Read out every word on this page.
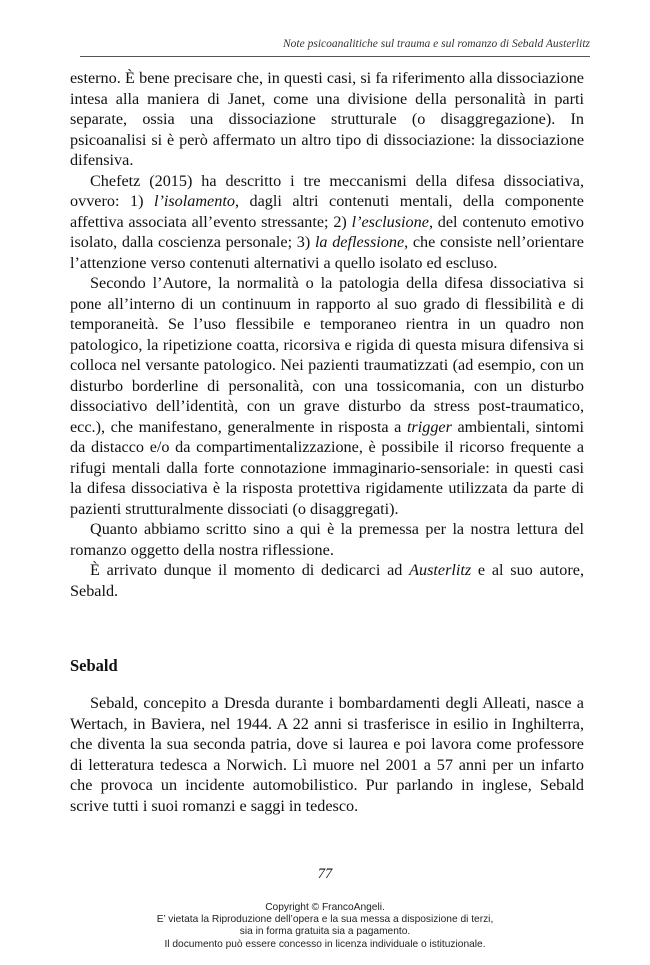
Note psicoanalitiche sul trauma e sul romanzo di Sebald Austerlitz

esterno. È bene precisare che, in questi casi, si fa riferimento alla dissociazione intesa alla maniera di Janet, come una divisione della personalità in parti separate, ossia una dissociazione strutturale (o disaggregazione). In psicoanalisi si è però affermato un altro tipo di dissociazione: la dissociazione difensiva.

Chefetz (2015) ha descritto i tre meccanismi della difesa dissociativa, ovvero: 1) l’isolamento, dagli altri contenuti mentali, della componente affettiva associata all’evento stressante; 2) l’esclusione, del contenuto emotivo isolato, dalla coscienza personale; 3) la deflessione, che consiste nell’orientare l’attenzione verso contenuti alternativi a quello isolato ed escluso.

Secondo l’Autore, la normalità o la patologia della difesa dissociativa si pone all’interno di un continuum in rapporto al suo grado di flessibilità e di temporaneità. Se l’uso flessibile e temporaneo rientra in un quadro non patologico, la ripetizione coatta, ricorsiva e rigida di questa misura difensiva si colloca nel versante patologico. Nei pazienti traumatizzati (ad esempio, con un disturbo borderline di personalità, con una tossicomania, con un disturbo dissociativo dell’identità, con un grave disturbo da stress post-traumatico, ecc.), che manifestano, generalmente in risposta a trigger ambientali, sintomi da distacco e/o da compartimentalizzazione, è possibile il ricorso frequente a rifugi mentali dalla forte connotazione immaginario-sensoriale: in questi casi la difesa dissociativa è la risposta protettiva rigidamente utilizzata da parte di pazienti strutturalmente dissociati (o disaggregati).

Quanto abbiamo scritto sino a qui è la premessa per la nostra lettura del romanzo oggetto della nostra riflessione.

È arrivato dunque il momento di dedicarci ad Austerlitz e al suo autore, Sebald.

Sebald

Sebald, concepito a Dresda durante i bombardamenti degli Alleati, nasce a Wertach, in Baviera, nel 1944. A 22 anni si trasferisce in esilio in Inghilterra, che diventa la sua seconda patria, dove si laurea e poi lavora come professore di letteratura tedesca a Norwich. Lì muore nel 2001 a 57 anni per un infarto che provoca un incidente automobilistico. Pur parlando in inglese, Sebald scrive tutti i suoi romanzi e saggi in tedesco.

77
Copyright © FrancoAngeli.
E’ vietata la Riproduzione dell’opera e la sua messa a disposizione di terzi,
sia in forma gratuita sia a pagamento.
Il documento può essere concesso in licenza individuale o istituzionale.
